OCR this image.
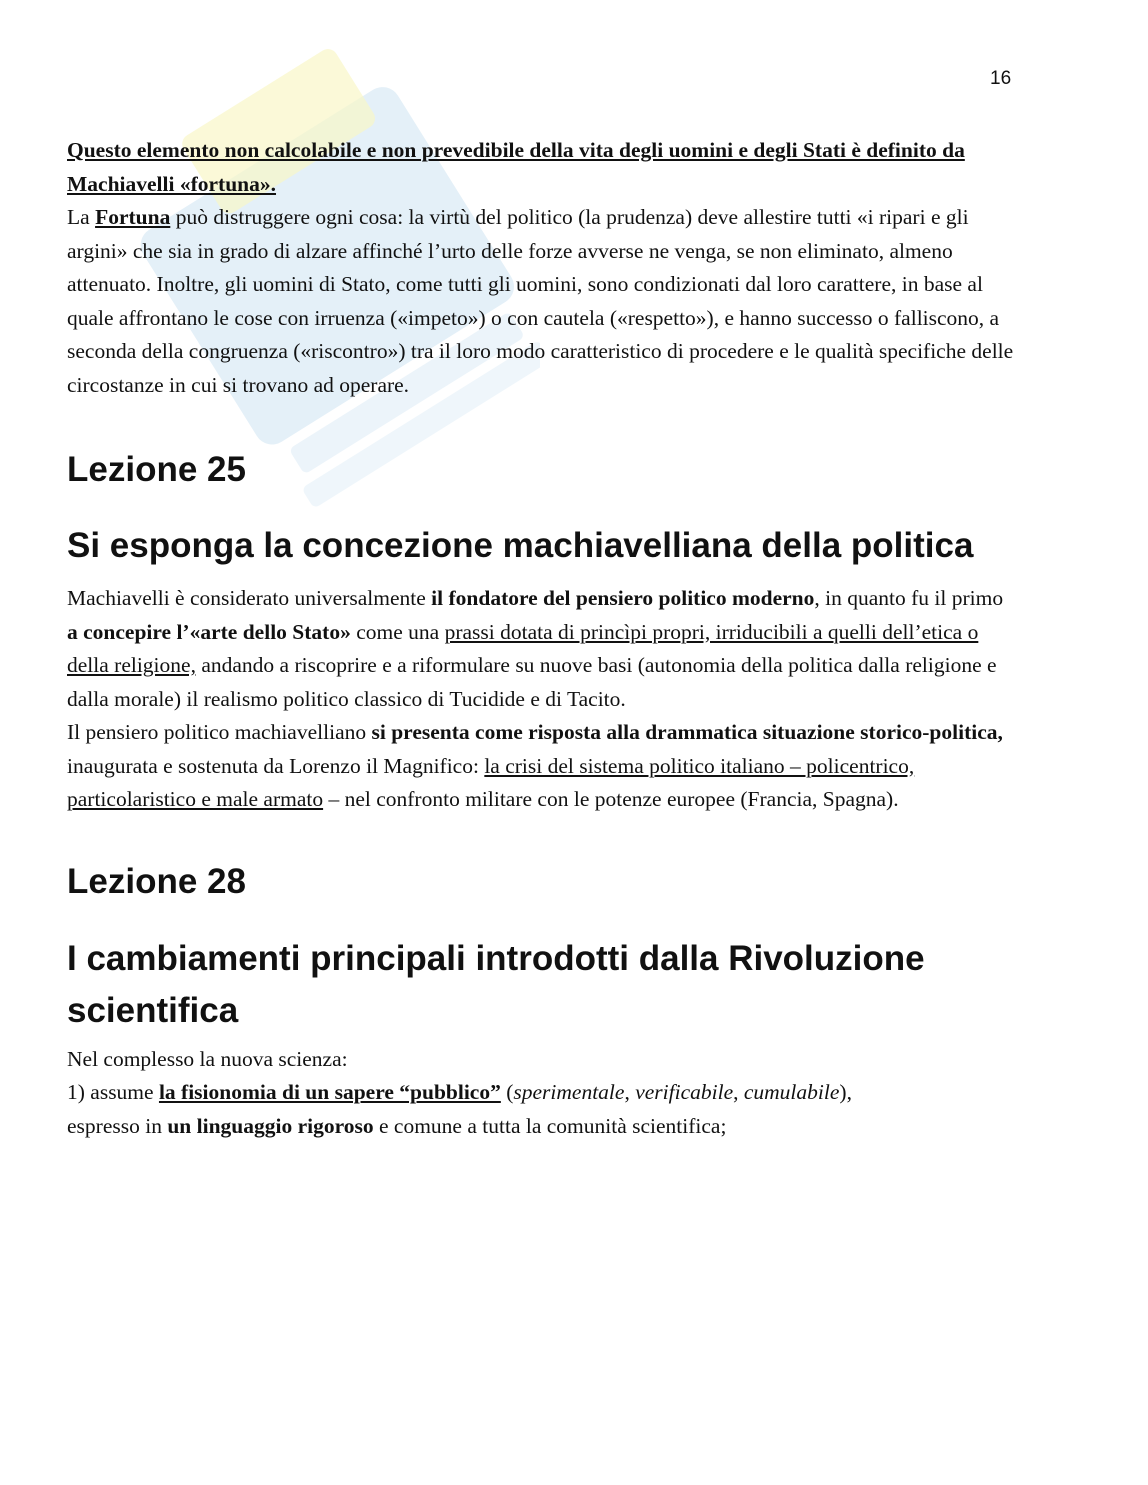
16

Questo elemento non calcolabile e non prevedibile della vita degli uomini e degli Stati è definito da Machiavelli «fortuna».
La Fortuna può distruggere ogni cosa: la virtù del politico (la prudenza) deve allestire tutti «i ripari e gli argini» che sia in grado di alzare affinché l’urto delle forze avverse ne venga, se non eliminato, almeno attenuato. Inoltre, gli uomini di Stato, come tutti gli uomini, sono condizionati dal loro carattere, in base al quale affrontano le cose con irruenza («impeto») o con cautela («respetto»), e hanno successo o falliscono, a seconda della congruenza («riscontro») tra il loro modo caratteristico di procedere e le qualità specifiche delle circostanze in cui si trovano ad operare.

Lezione 25
Si esponga la concezione machiavelliana della politica

Machiavelli è considerato universalmente il fondatore del pensiero politico moderno, in quanto fu il primo a concepire l’«arte dello Stato» come una prassi dotata di princìpi propri, irriducibili a quelli dell’etica o della religione, andando a riscoprire e a riformulare su nuove basi (autonomia della politica dalla religione e dalla morale) il realismo politico classico di Tucidide e di Tacito.

Il pensiero politico machiavelliano si presenta come risposta alla drammatica situazione storico-politica, inaugurata e sostenuta da Lorenzo il Magnifico: la crisi del sistema politico italiano – policentrico, particolaristico e male armato – nel confronto militare con le potenze europee (Francia, Spagna).

Lezione 28
I cambiamenti principali introdotti dalla Rivoluzione scientifica

Nel complesso la nuova scienza:
1) assume la fisionomia di un sapere “pubblico” (sperimentale, verificabile, cumulabile),
espresso in un linguaggio rigoroso e comune a tutta la comunità scientifica;
